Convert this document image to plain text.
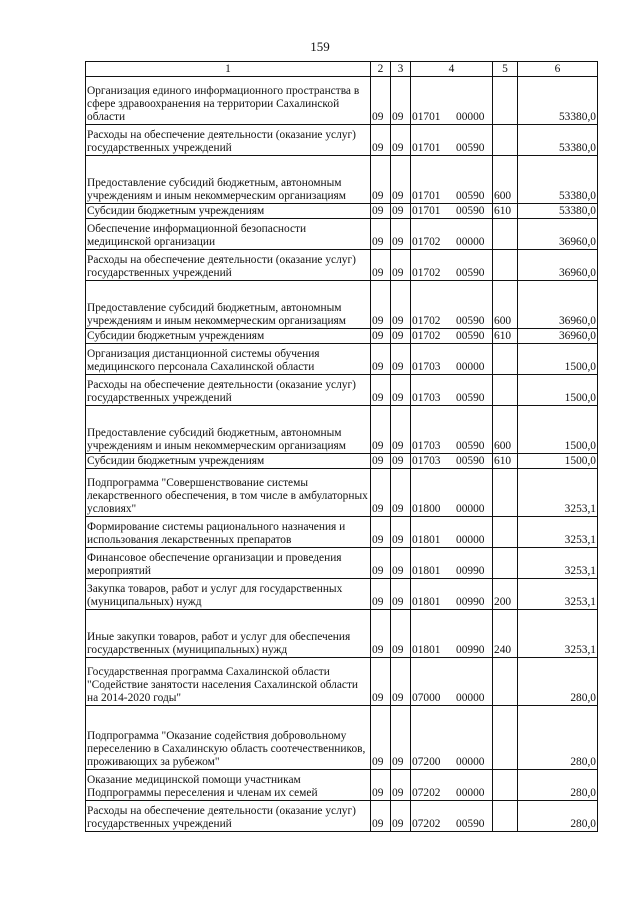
159
1	2	3	4	5	6
Организация единого информационного пространства в сфере здравоохранения на территории Сахалинской области	09	09	01701 00000		53380,0
Расходы на обеспечение деятельности (оказание услуг) государственных учреждений	09	09	01701 00590		53380,0
Предоставление субсидий бюджетным, автономным учреждениям и иным некоммерческим организациям	09	09	01701 00590	600	53380,0
Субсидии бюджетным учреждениям	09	09	01701 00590	610	53380,0
Обеспечение информационной безопасности медицинской организации	09	09	01702 00000		36960,0
Расходы на обеспечение деятельности (оказание услуг) государственных учреждений	09	09	01702 00590		36960,0
Предоставление субсидий бюджетным, автономным учреждениям и иным некоммерческим организациям	09	09	01702 00590	600	36960,0
Субсидии бюджетным учреждениям	09	09	01702 00590	610	36960,0
Организация дистанционной системы обучения медицинского персонала Сахалинской области	09	09	01703 00000		1500,0
Расходы на обеспечение деятельности (оказание услуг) государственных учреждений	09	09	01703 00590		1500,0
Предоставление субсидий бюджетным, автономным учреждениям и иным некоммерческим организациям	09	09	01703 00590	600	1500,0
Субсидии бюджетным учреждениям	09	09	01703 00590	610	1500,0
Подпрограмма "Совершенствование системы лекарственного обеспечения, в том числе в амбулаторных условиях"	09	09	01800 00000		3253,1
Формирование системы рационального назначения и использования лекарственных препаратов	09	09	01801 00000		3253,1
Финансовое обеспечение организации и проведения мероприятий	09	09	01801 00990		3253,1
Закупка товаров, работ и услуг для государственных (муниципальных) нужд	09	09	01801 00990	200	3253,1
Иные закупки товаров, работ и услуг для обеспечения государственных (муниципальных) нужд	09	09	01801 00990	240	3253,1
Государственная программа Сахалинской области "Содействие занятости населения Сахалинской области на 2014-2020 годы"	09	09	07000 00000		280,0
Подпрограмма "Оказание содействия добровольному переселению в Сахалинскую область соотечественников, проживающих за рубежом"	09	09	07200 00000		280,0
Оказание медицинской помощи участникам Подпрограммы переселения и членам их семей	09	09	07202 00000		280,0
Расходы на обеспечение деятельности (оказание услуг) государственных учреждений	09	09	07202 00590		280,0
